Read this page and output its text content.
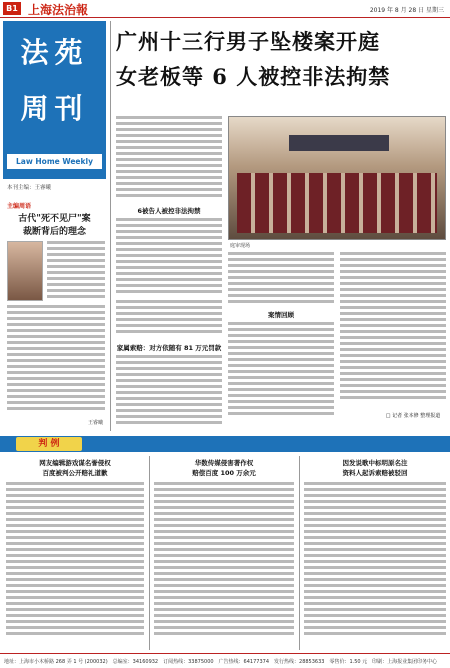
B1 上海法治報	2019 年 8 月 28 日 星期三
法苑
周刊
Law Home Weekly
本刊主编：王睿曦
主编周语
古代"死不见尸"案
裁断背后的理念
王睿曦
广州十三行男子坠楼案开庭
女老板等 6 人被控非法拘禁
6被告人被控非法拘禁
庭审现场
家属索赔：对方依随有 81 万元罚款
案情回顾
□ 记者 张本修 整理报道
判 例
网友编辑游戏谋名誉侵权
百度被判公开赔礼道歉
华数传媒侵害著作权
赔偿百度 100 万余元
因发说歌中标明原名注
资料人起诉索赔被驳回
地址：上海市小木桥路 268 弄 1 号 (200032)　总编室：34160932　订阅热线：33875000　广告热线：64177374　发行热线：28853633　零售价：1.50 元　印刷：上海报业集团印务中心
